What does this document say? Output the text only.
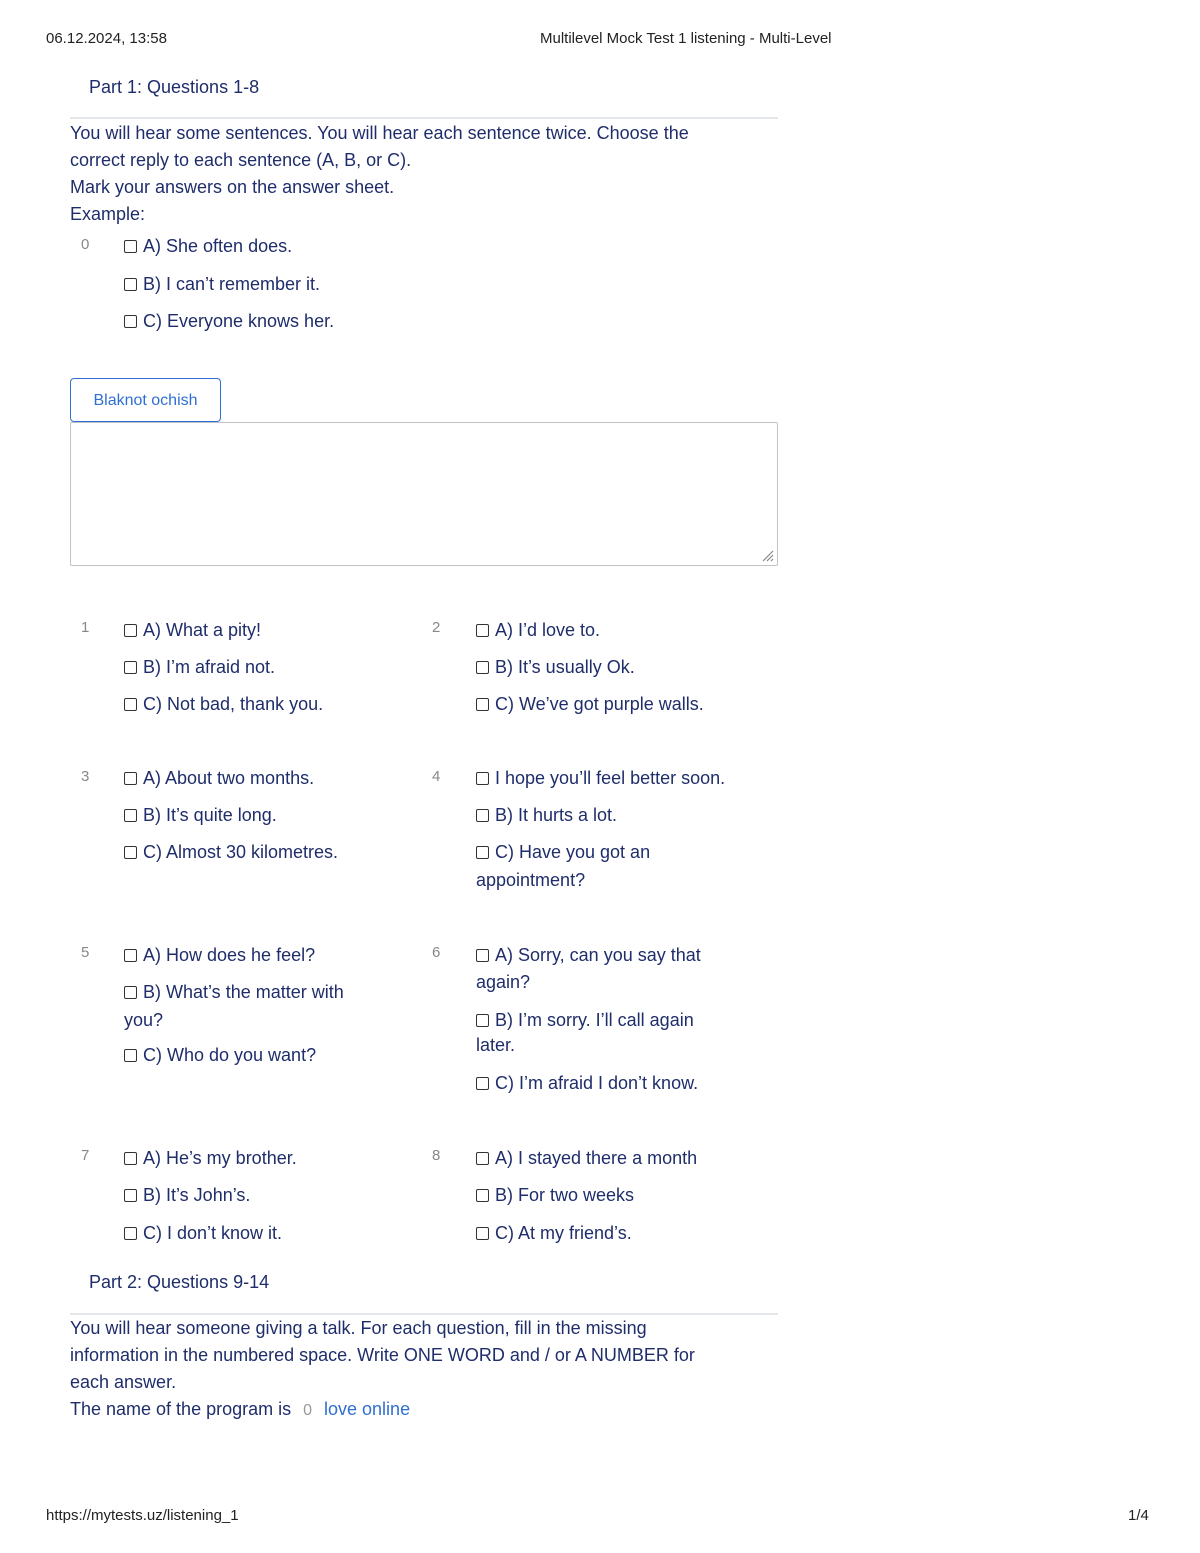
06.12.2024, 13:58	Multilevel Mock Test 1 listening - Multi-Level
https://mytests.uz/listening_1	1/4
Part 1: Questions 1-8
You will hear some sentences. You will hear each sentence twice. Choose the
correct reply to each sentence (A, B, or C).
Mark your answers on the answer sheet.
Example:
0	A) She often does.
B) I can’t remember it.
C) Everyone knows her.
Blaknot ochish
1	A) What a pity!
B) I’m afraid not.
C) Not bad, thank you.
2	A) I’d love to.
B) It’s usually Ok.
C) We’ve got purple walls.
3	A) About two months.
B) It’s quite long.
C) Almost 30 kilometres.
4	I hope you’ll feel better soon.
B) It hurts a lot.
C) Have you got an
appointment?
5	A) How does he feel?
B) What’s the matter with
you?
C) Who do you want?
6	A) Sorry, can you say that
again?
B) I’m sorry. I’ll call again
later.
C) I’m afraid I don’t know.
7	A) He’s my brother.
B) It’s John’s.
C) I don’t know it.
8	A) I stayed there a month
B) For two weeks
C) At my friend’s.
Part 2: Questions 9-14
You will hear someone giving a talk. For each question, fill in the missing
information in the numbered space. Write ONE WORD and / or A NUMBER for
each answer.
The name of the program is 0 love online
